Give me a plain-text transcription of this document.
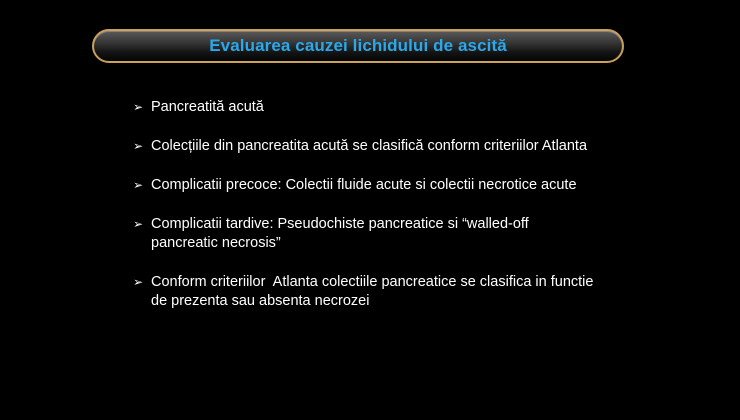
Evaluarea cauzei lichidului de ascită
➢ Pancreatită acută
➢ Colecțiile din pancreatita acută se clasifică conform criteriilor Atlanta
➢ Complicatii precoce: Colectii fluide acute si colectii necrotice acute
➢ Complicatii tardive: Pseudochiste pancreatice si “walled-off
pancreatic necrosis”
➢ Conform criteriilor  Atlanta colectiile pancreatice se clasifica in functie
de prezenta sau absenta necrozei
